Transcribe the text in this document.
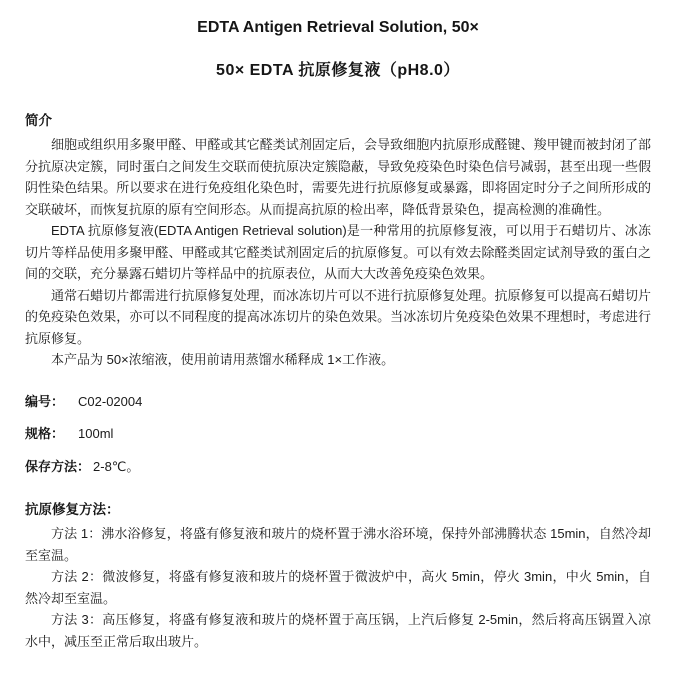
EDTA Antigen Retrieval Solution, 50×
50× EDTA 抗原修复液（pH8.0）
简介

细胞或组织用多聚甲醛、甲醛或其它醛类试剂固定后，会导致细胞内抗原形成醛键、羧甲键而被封闭了部分抗原决定簇，同时蛋白之间发生交联而使抗原决定簇隐蔽，导致免疫染色时染色信号减弱，甚至出现一些假阴性染色结果。所以要求在进行免疫组化染色时，需要先进行抗原修复或暴露，即将固定时分子之间所形成的交联破坏，而恢复抗原的原有空间形态。从而提高抗原的检出率，降低背景染色，提高检测的准确性。

EDTA 抗原修复液(EDTA Antigen Retrieval solution)是一种常用的抗原修复液，可以用于石蜡切片、冰冻切片等样品使用多聚甲醛、甲醛或其它醛类试剂固定后的抗原修复。可以有效去除醛类固定试剂导致的蛋白之间的交联，充分暴露石蜡切片等样品中的抗原表位，从而大大改善免疫染色效果。

通常石蜡切片都需进行抗原修复处理，而冰冻切片可以不进行抗原修复处理。抗原修复可以提高石蜡切片的免疫染色效果，亦可以不同程度的提高冰冻切片的染色效果。当冰冻切片免疫染色效果不理想时，考虑进行抗原修复。

本产品为 50×浓缩液，使用前请用蒸馏水稀释成 1×工作液。

编号： C02-02004
规格： 100ml
保存方法： 2-8℃。
抗原修复方法：

方法 1：沸水浴修复，将盛有修复液和玻片的烧杯置于沸水浴环境，保持外部沸腾状态 15min，自然冷却至室温。

方法 2：微波修复，将盛有修复液和玻片的烧杯置于微波炉中，高火 5min，停火 3min，中火 5min，自然冷却至室温。

方法 3：高压修复，将盛有修复液和玻片的烧杯置于高压锅，上汽后修复 2-5min，然后将高压锅置入凉水中，减压至正常后取出玻片。
